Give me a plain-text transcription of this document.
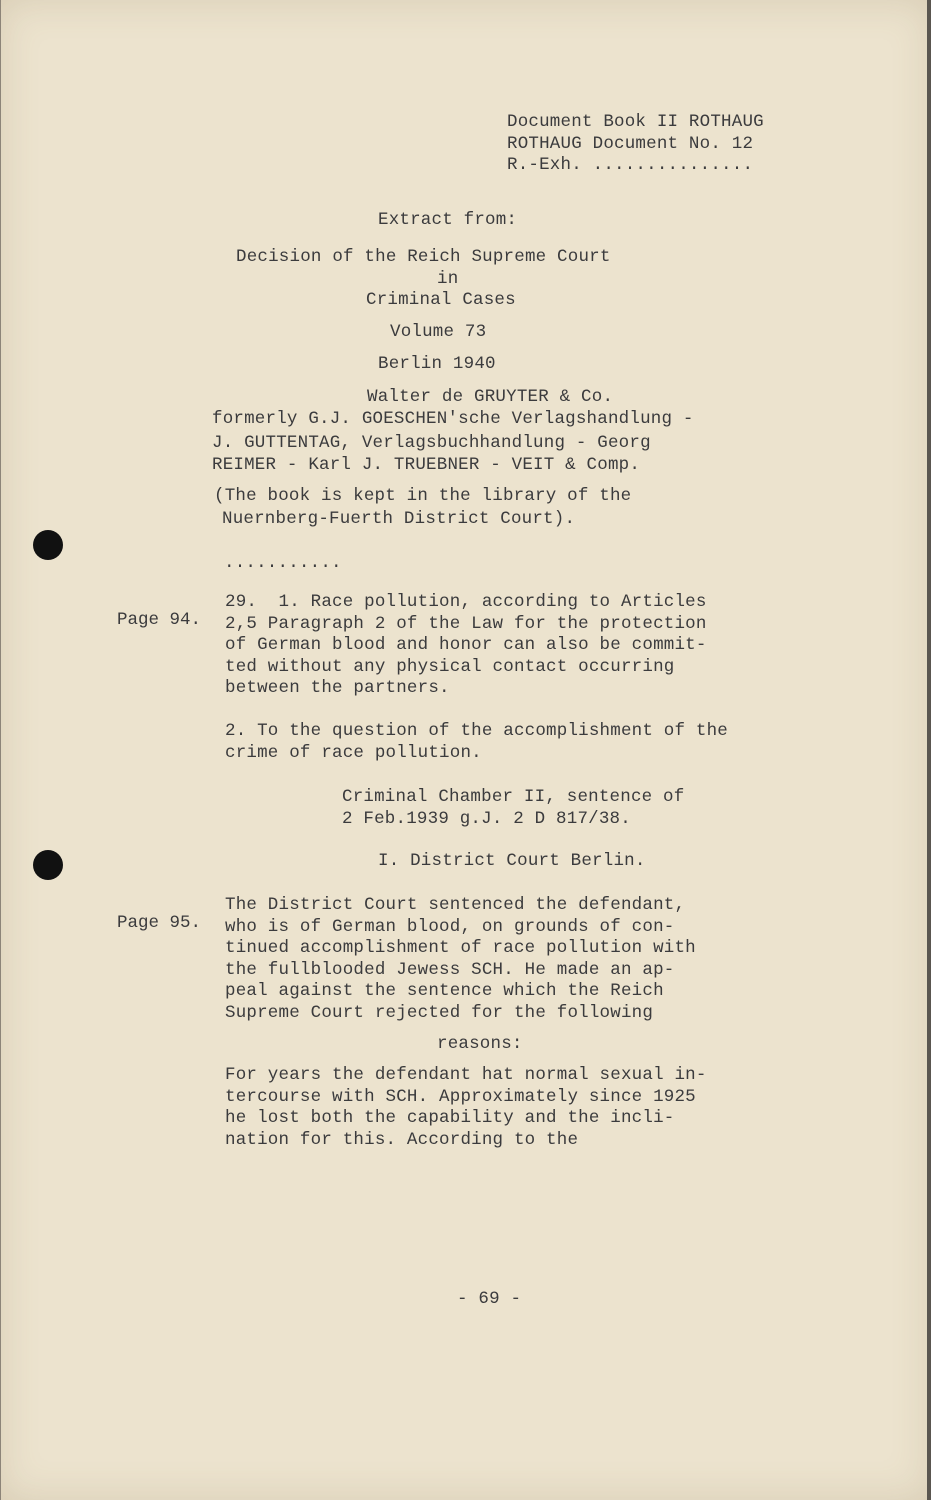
Document Book II ROTHAUG
ROTHAUG Document No. 12
R.-Exh. ...............

Extract from:

Decision of the Reich Supreme Court

in

Criminal Cases

Volume 73

Berlin 1940

Walter de GRUYTER & Co.

formerly G.J. GOESCHEN'sche Verlagshandlung -

J. GUTTENTAG, Verlagsbuchhandlung - Georg

REIMER - Karl J. TRUEBNER - VEIT & Comp.

(The book is kept in the library of the

Nuernberg-Fuerth District Court).

...........

Page 94.

29.  1. Race pollution, according to Articles
2,5 Paragraph 2 of the Law for the protection
of German blood and honor can also be commit-
ted without any physical contact occurring
between the partners.
2. To the question of the accomplishment of the
crime of race pollution.
Criminal Chamber II, sentence of
2 Feb.1939 g.J. 2 D 817/38.

I. District Court Berlin.

Page 95.

The District Court sentenced the defendant,
who is of German blood, on grounds of con-
tinued accomplishment of race pollution with
the fullblooded Jewess SCH. He made an ap-
peal against the sentence which the Reich
Supreme Court rejected for the following

reasons:

For years the defendant hat normal sexual in-
tercourse with SCH. Approximately since 1925
he lost both the capability and the incli-
nation for this. According to the

- 69 -
